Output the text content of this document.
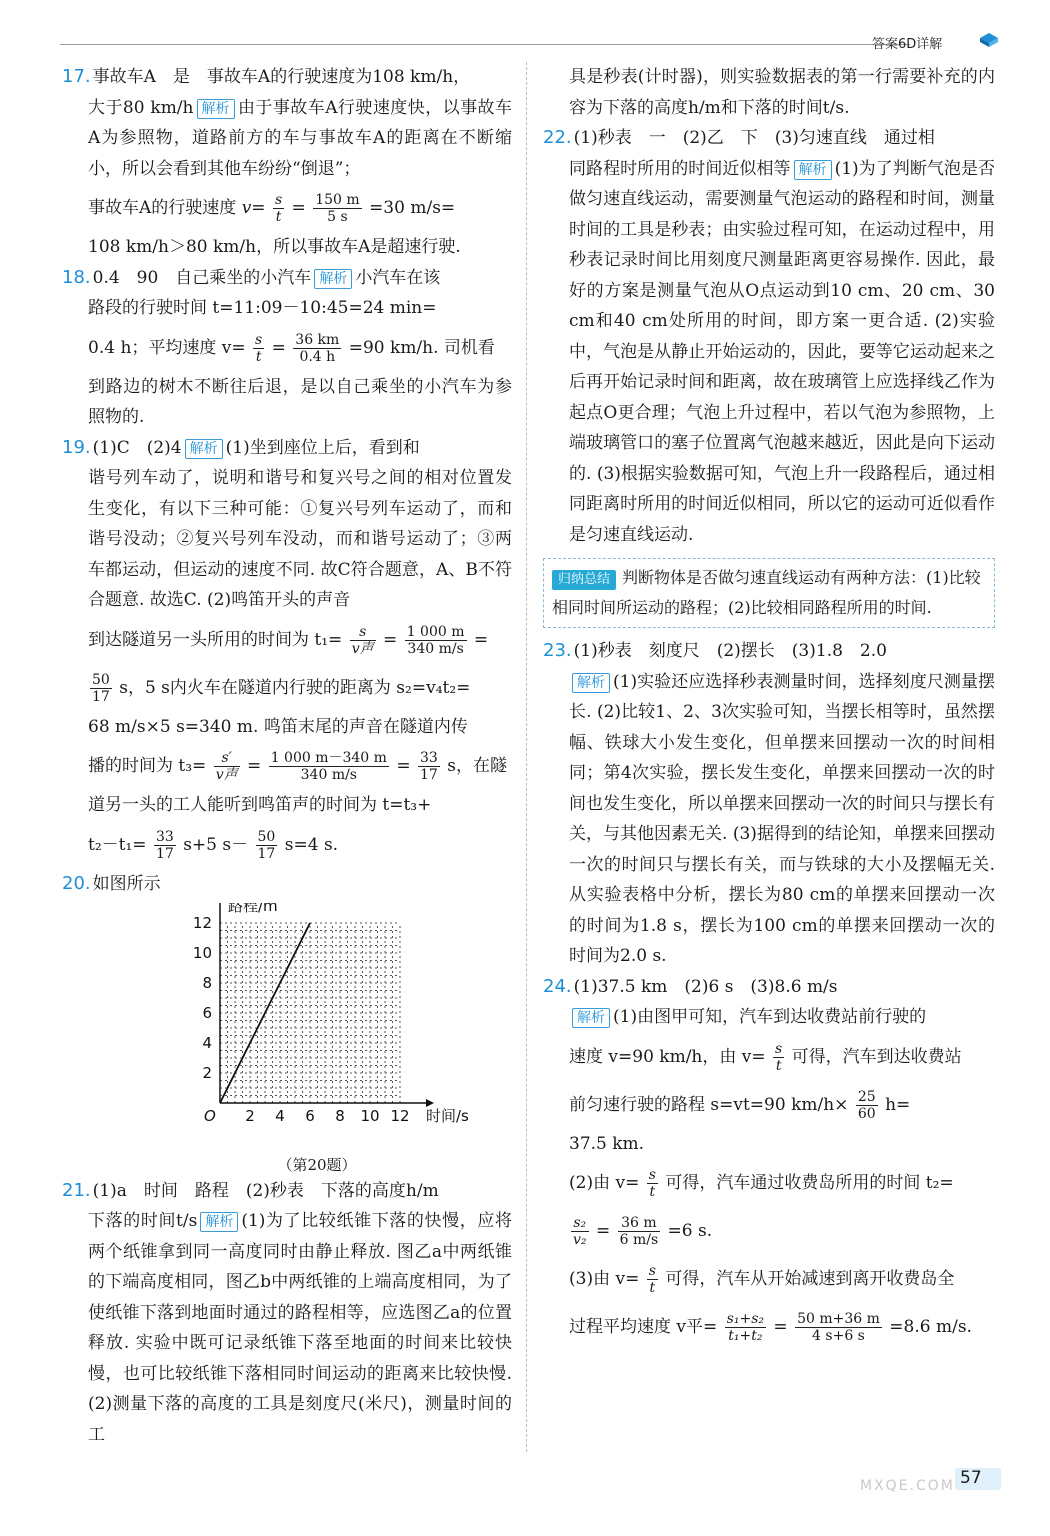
答案6D详解
17. 事故车A　是　事故车A的行驶速度为108 km/h，
大于80 km/h 解析 由于事故车A行驶速度快，以事故车A为参照物，道路前方的车与事故车A的距离在不断缩小，所以会看到其他车纷纷“倒退”；
事故车A的行驶速度 $v= \frac{s}{t} = \frac{150 m}{5 s} =30$ m/s=
108 km/h＞80 km/h，所以事故车A是超速行驶.
18. 0.4　90　自己乘坐的小汽车 解析 小汽车在该
路段的行驶时间 t=11:09－10:45=24 min=
0.4 h；平均速度 $v= \frac{s}{t} = \frac{36 km}{0.4 h} =90$ km/h. 司机看
到路边的树木不断往后退，是以自己乘坐的小汽车为参照物的.
19. (1)C　(2)4 解析 (1)坐到座位上后，看到和
谐号列车动了，说明和谐号和复兴号之间的相对位置发生变化，有以下三种可能：①复兴号列车运动了，而和谐号没动；②复兴号列车没动，而和谐号运动了；③两车都运动，但运动的速度不同. 故C符合题意，A、B不符合题意. 故选C. (2)鸣笛开头的声音
到达隧道另一头所用的时间为 $t_1= \frac{s}{\text{v声}} = \frac{1 000 m}{340 m/s}$ =
$\frac{50}{17}$ s，5 s内火车在隧道内行驶的距离为 s₂=v₄t₂=
68 m/s×5 s=340 m. 鸣笛末尾的声音在隧道内传
播的时间为 $t_3= \frac{s'}{\text{v声}} = \frac{1 000 m-340 m}{340 m/s} = \frac{33}{17}$ s，在隧
道另一头的工人能听到鸣笛声的时间为 t=t₃+
$t_2-t_1= \frac{33}{17} s+5$ $s- \frac{50}{17} s=4$ s.
20. 如图所示
2 4 6 8 10 12
2
4
6
8
10
12
O	时间/s
路程/m

（第20题）

21. (1)a　时间　路程　(2)秒表　下落的高度h/m
下落的时间t/s 解析 (1)为了比较纸锥下落的快慢，应将两个纸锥拿到同一高度同时由静止释放. 图乙a中两纸锥的下端高度相同，图乙b中两纸锥的上端高度相同，为了使纸锥下落到地面时通过的路程相等，应选图乙a的位置释放. 实验中既可记录纸锥下落至地面的时间来比较快慢，也可比较纸锥下落相同时间运动的距离来比较快慢. (2)测量下落的高度的工具是刻度尺(米尺)，测量时间的工
具是秒表(计时器)，则实验数据表的第一行需要补充的内容为下落的高度h/m和下落的时间t/s.
22. (1)秒表　一　(2)乙　下　(3)匀速直线　通过相
同路程时所用的时间近似相等 解析 (1)为了判断气泡是否做匀速直线运动，需要测量气泡运动的路程和时间，测量时间的工具是秒表；由实验过程可知，在运动过程中，用秒表记录时间比用刻度尺测量距离更容易操作. 因此，最好的方案是测量气泡从O点运动到10 cm、20 cm、30 cm和40 cm处所用的时间，即方案一更合适. (2)实验中，气泡是从静止开始运动的，因此，要等它运动起来之后再开始记录时间和距离，故在玻璃管上应选择线乙作为起点O更合理；气泡上升过程中，若以气泡为参照物，上端玻璃管口的塞子位置离气泡越来越近，因此是向下运动的. (3)根据实验数据可知，气泡上升一段路程后，通过相同距离时所用的时间近似相同，所以它的运动可近似看作是匀速直线运动.
归纳总结 判断物体是否做匀速直线运动有两种方法：(1)比较相同时间所运动的路程；(2)比较相同路程所用的时间.
23. (1)秒表　刻度尺　(2)摆长　(3)1.8　2.0
解析 (1)实验还应选择秒表测量时间，选择刻度尺测量摆长. (2)比较1、2、3次实验可知，当摆长相等时，虽然摆幅、铁球大小发生变化，但单摆来回摆动一次的时间相同；第4次实验，摆长发生变化，单摆来回摆动一次的时间也发生变化，所以单摆来回摆动一次的时间只与摆长有关，与其他因素无关. (3)据得到的结论知，单摆来回摆动一次的时间只与摆长有关，而与铁球的大小及摆幅无关. 从实验表格中分析，摆长为80 cm的单摆来回摆动一次的时间为1.8 s，摆长为100 cm的单摆来回摆动一次的时间为2.0 s.
24. (1)37.5 km　(2)6 s　(3)8.6 m/s
解析 (1)由图甲可知，汽车到达收费站前行驶的
速度 v=90 km/h，由 $v= \frac{s}{t}$ 可得，汽车到达收费站
前匀速行驶的路程 s=vt=90 $km/h\times \frac{25}{60} h=$
37.5 km.
(2)由 $v= \frac{s}{t}$ 可得，汽车通过收费岛所用的时间 t₂=
$\frac{\text{s₂}}{\text{v₂}} = \frac{36 m}{6 m/s} =6$ s.
(3)由 $v= \frac{s}{t}$ 可得，汽车从开始减速到离开收费岛全
过程平均速度 v平= $\frac{\text{s₁+s₂}}{\text{t₁+t₂}} = \frac{50 m+36 m}{4 s+6 s} =8.6$ m/s.
57
MXQE.COM
